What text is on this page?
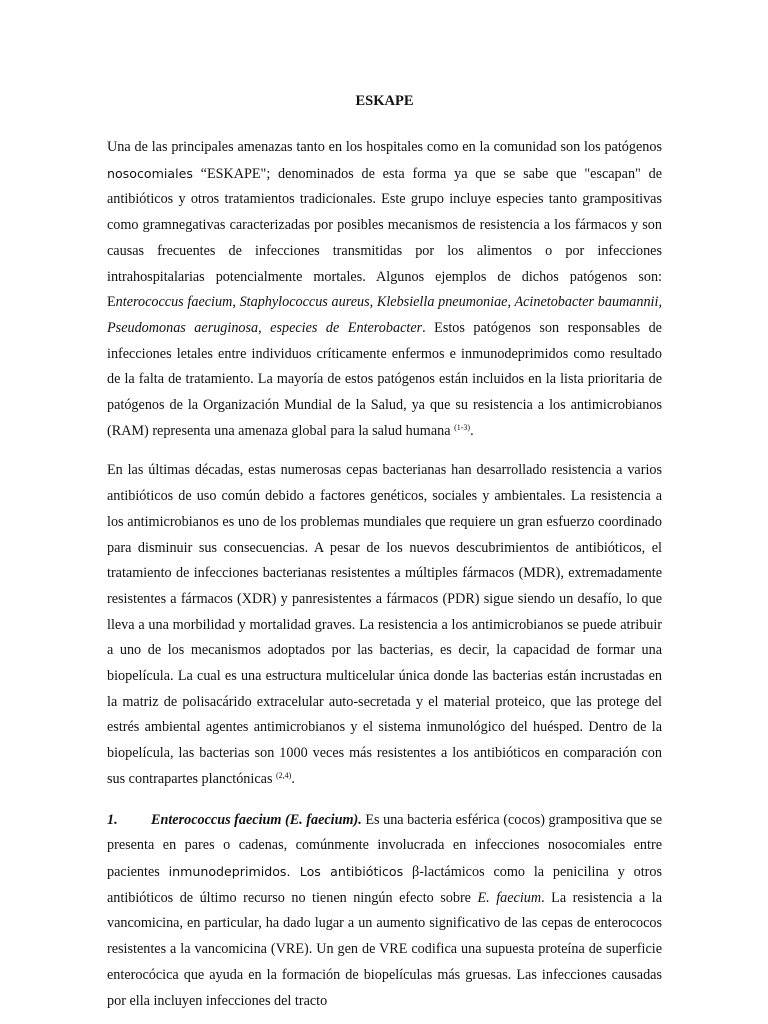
ESKAPE

Una de las principales amenazas tanto en los hospitales como en la comunidad son los patógenos nosocomiales “ESKAPE"; denominados de esta forma ya que se sabe que "escapan" de antibióticos y otros tratamientos tradicionales. Este grupo incluye especies tanto grampositivas como gramnegativas caracterizadas por posibles mecanismos de resistencia a los fármacos y son causas frecuentes de infecciones transmitidas por los alimentos o por infecciones intrahospitalarias potencialmente mortales. Algunos ejemplos de dichos patógenos son: Enterococcus faecium, Staphylococcus aureus, Klebsiella pneumoniae, Acinetobacter baumannii, Pseudomonas aeruginosa, especies de Enterobacter. Estos patógenos son responsables de infecciones letales entre individuos críticamente enfermos e inmunodeprimidos como resultado de la falta de tratamiento. La mayoría de estos patógenos están incluidos en la lista prioritaria de patógenos de la Organización Mundial de la Salud, ya que su resistencia a los antimicrobianos (RAM) representa una amenaza global para la salud humana $^{(1-3)}$.

En las últimas décadas, estas numerosas cepas bacterianas han desarrollado resistencia a varios antibióticos de uso común debido a factores genéticos, sociales y ambientales. La resistencia a los antimicrobianos es uno de los problemas mundiales que requiere un gran esfuerzo coordinado para disminuir sus consecuencias. A pesar de los nuevos descubrimientos de antibióticos, el tratamiento de infecciones bacterianas resistentes a múltiples fármacos (MDR), extremadamente resistentes a fármacos (XDR) y panresistentes a fármacos (PDR) sigue siendo un desafío, lo que lleva a una morbilidad y mortalidad graves. La resistencia a los antimicrobianos se puede atribuir a uno de los mecanismos adoptados por las bacterias, es decir, la capacidad de formar una biopelícula. La cual es una estructura multicelular única donde las bacterias están incrustadas en la matriz de polisacárido extracelular auto-secretada y el material proteico, que las protege del estrés ambiental agentes antimicrobianos y el sistema inmunológico del huésped. Dentro de la biopelícula, las bacterias son 1000 veces más resistentes a los antibióticos en comparación con sus contrapartes planctónicas $^{(2,4)}$.

1. Enterococcus faecium (E. faecium). Es una bacteria esférica (cocos) grampositiva que se presenta en pares o cadenas, comúnmente involucrada en infecciones nosocomiales entre pacientes inmunodeprimidos. Los antibióticos β-lactámicos como la penicilina y otros antibióticos de último recurso no tienen ningún efecto sobre E. faecium. La resistencia a la vancomicina, en particular, ha dado lugar a un aumento significativo de las cepas de enterococos resistentes a la vancomicina (VRE). Un gen de VRE codifica una supuesta proteína de superficie enterocócica que ayuda en la formación de biopelículas más gruesas. Las infecciones causadas por ella incluyen infecciones del tracto
